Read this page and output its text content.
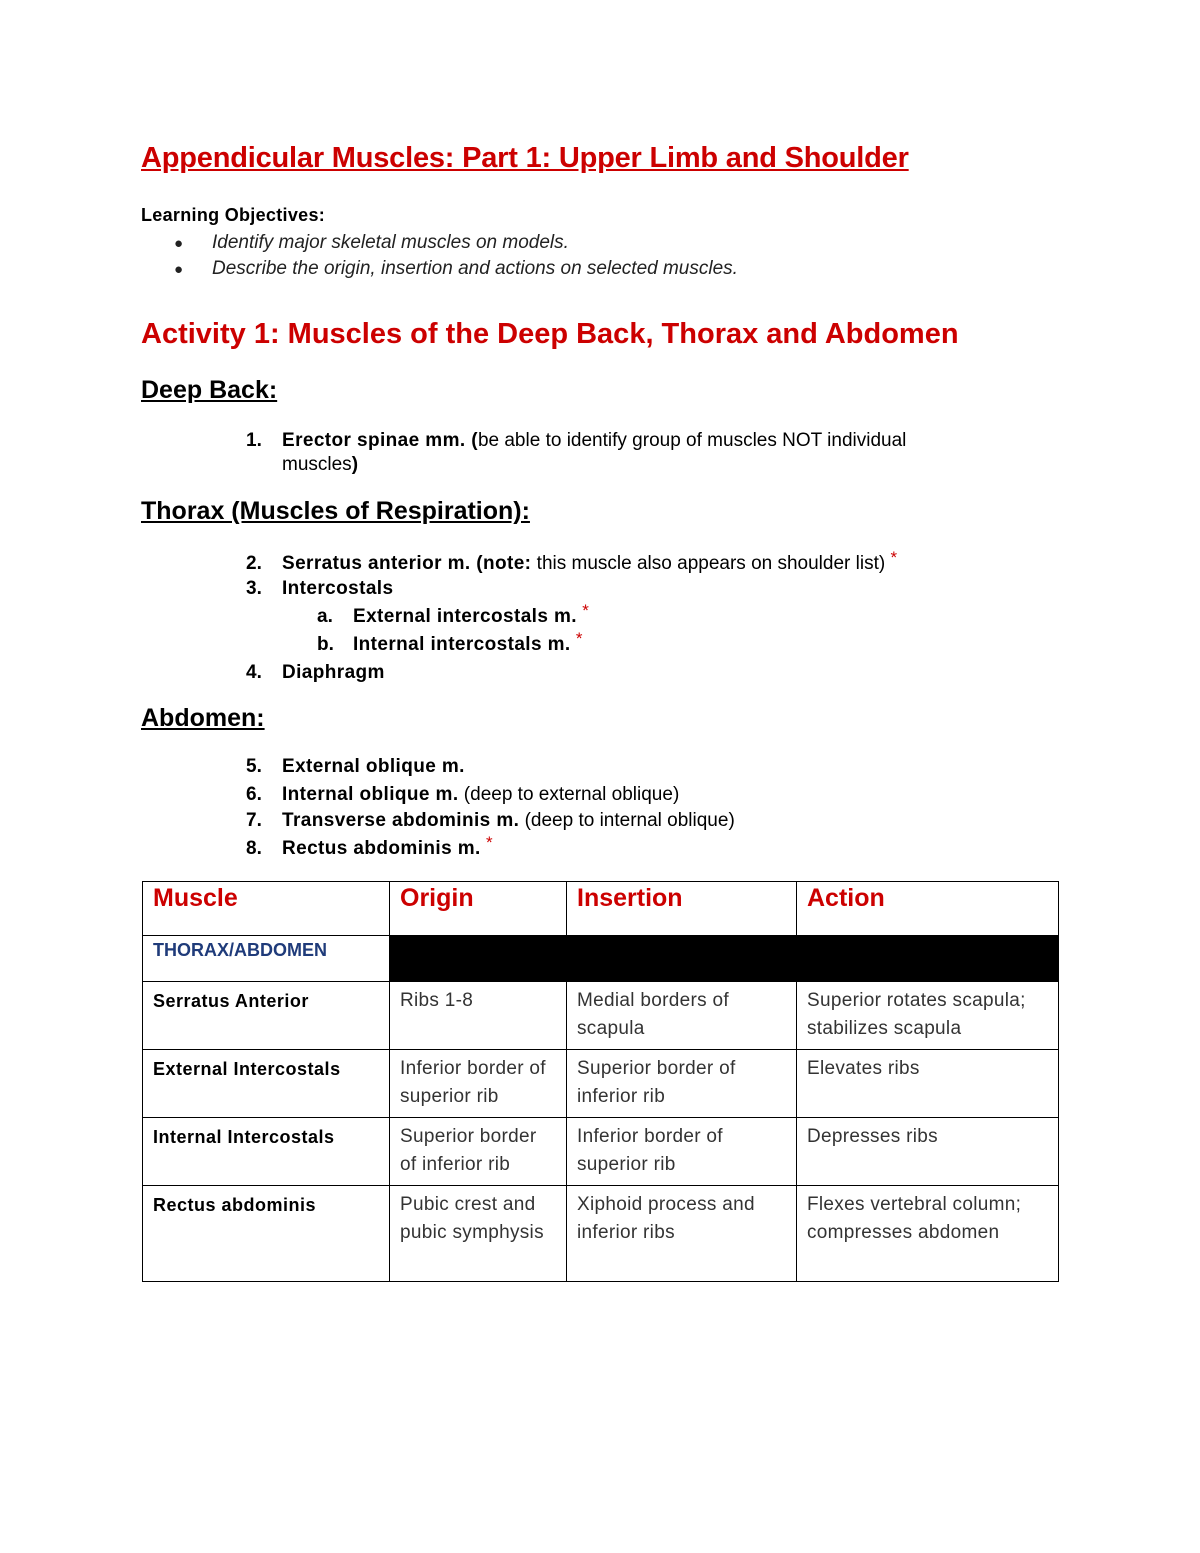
Appendicular Muscles: Part 1: Upper Limb and Shoulder

Learning Objectives:

● Identify major skeletal muscles on models.
● Describe the origin, insertion and actions on selected muscles.
Activity 1: Muscles of the Deep Back, Thorax and Abdomen
Deep Back:
1. Erector spinae mm. (be able to identify group of muscles NOT individual
muscles)
Thorax (Muscles of Respiration):
2. Serratus anterior m. (note: this muscle also appears on shoulder list) *
3. Intercostals
a. External intercostals m. *
b. Internal intercostals m. *
4. Diaphragm
Abdomen:
5. External oblique m.
6. Internal oblique m. (deep to external oblique)
7. Transverse abdominis m. (deep to internal oblique)
8. Rectus abdominis m. *
Muscle	Origin	Insertion	Action
THORAX/ABDOMEN			
Serratus Anterior	Ribs 1-8	Medial borders of scapula	Superior rotates scapula; stabilizes scapula
External Intercostals	Inferior border of superior rib	Superior border of inferior rib	Elevates ribs
Internal Intercostals	Superior border of inferior rib	Inferior border of superior rib	Depresses ribs
Rectus abdominis	Pubic crest and pubic symphysis	Xiphoid process and inferior ribs	Flexes vertebral column; compresses abdomen
